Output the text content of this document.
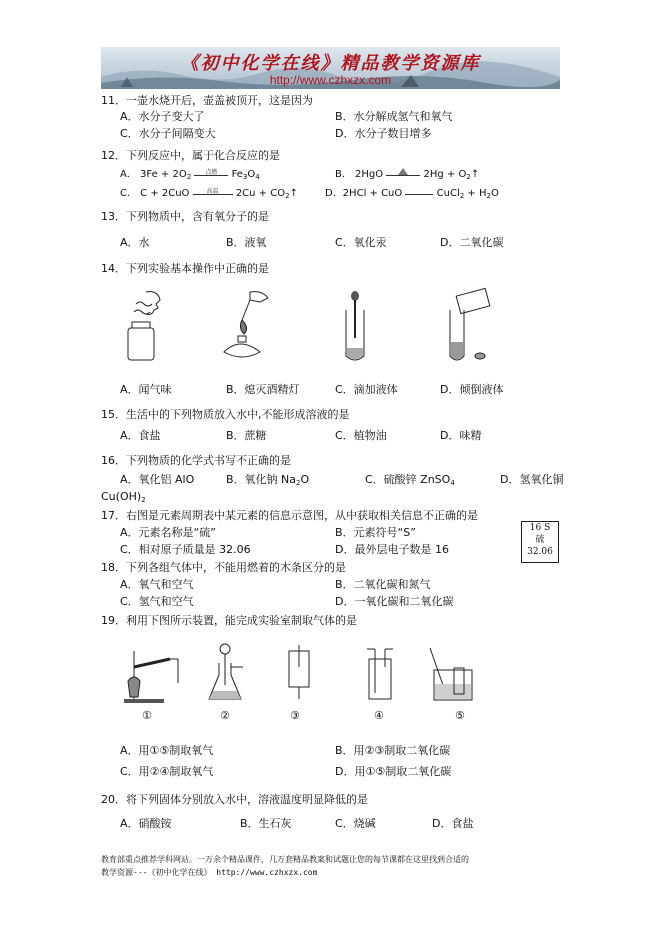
《初中化学在线》精品教学资源库
http://www.czhxzx.com
11．一壶水烧开后，壶盖被顶开，这是因为
A．水分子变大了	B．水分解成氢气和氧气
C．水分子间隔变大	D．水分子数目增多
12．下列反应中，属于化合反应的是
A． $3Fe + 2O_2$
点燃	$Fe_3O_4$	B． 2HgO	$2Hg + O_2↑$
C． C + 2CuO	高温	$2Cu + CO_2↑$	D．2HCl + CuO	CuCl$_2$ + $H_2O$
13．下列物质中，含有氧分子的是
A．水	B．液氧	C．氧化汞	D．二氧化碳
14．下列实验基本操作中正确的是
A．闻气味	B．熄灭酒精灯	C．滴加液体	D．倾倒液体
15．生活中的下列物质放入水中,不能形成溶液的是
A．食盐	B．蔗糖	C．植物油	D．味精
16．下列物质的化学式书写不正确的是
A．氧化铝 AlO	B．氧化钠 $Na_2O$	C．硫酸锌 ZnSO$_4$	D．氢氧化铜
$Cu(OH)_2$
17．右图是元素周期表中某元素的信息示意图，从中获取相关信息不正确的是
A．元素名称是“硫”	B．元素符号“S”
C．相对原子质量是 32.06	D．最外层电子数是 16
16 S
硫
32.06
18．下列各组气体中，不能用燃着的木条区分的是
A．氧气和空气	B．二氧化碳和氮气
C．氢气和空气	D．一氧化碳和二氧化碳
19．利用下图所示装置，能完成实验室制取气体的是
①	②	③	④	⑤
A．用①⑤制取氧气	B．用②③制取二氧化碳
C．用②④制取氧气	D．用①⑤制取二氧化碳
20．将下列固体分别放入水中，溶液温度明显降低的是
A．硝酸铵	B．生石灰	C．烧碱	D．食盐
教育部重点推荐学科网站。一万余个精品课件，几万套精品教案和试题让您的每节课都在这里找到合适的
教学资源---《初中化学在线》 http://www.czhxzx.com
